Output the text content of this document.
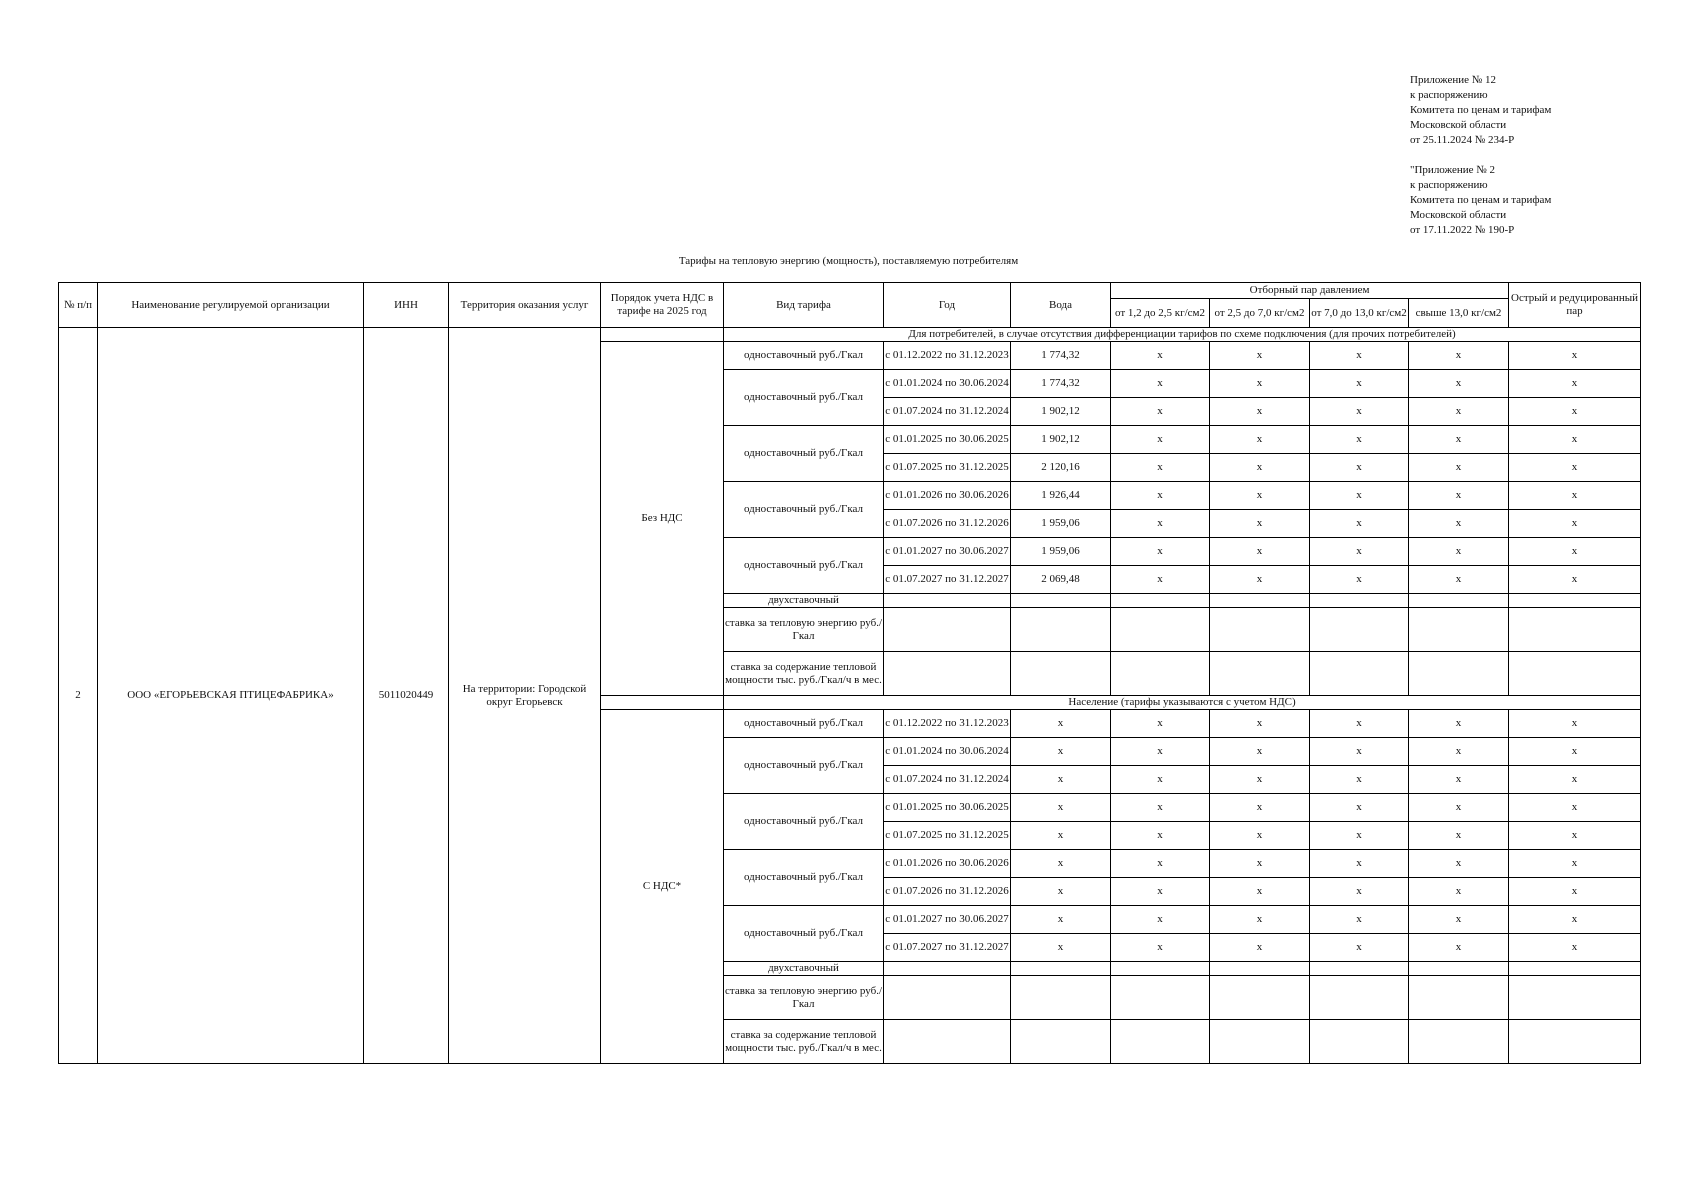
Приложение № 12
к распоряжению
Комитета по ценам и тарифам
Московской области
от 25.11.2024 № 234-Р
"Приложение № 2
к распоряжению
Комитета по ценам и тарифам
Московской области
от 17.11.2022 № 190-Р
Тарифы на тепловую энергию (мощность), поставляемую потребителям
№ п/п	Наименование регулируемой организации	ИНН	Территория оказания услуг	Порядок учета НДС в тарифе на 2025 год	Вид тарифа	Год	Вода	Отборный пар давлением				Острый и редуцированный пар
								от 1,2 до 2,5 кг/см2	от 2,5 до 7,0 кг/см2	от 7,0 до 13,0 кг/см2	свыше 13,0 кг/см2	
2	ООО «ЕГОРЬЕВСКАЯ ПТИЦЕФАБРИКА»	5011020449	На территории: Городской округ Егорьевск		Для потребителей, в случае отсутствия дифференциации тарифов по схеме подключения (для прочих потребителей)							
				Без НДС	одноставочный руб./Гкал	с 01.12.2022 по 31.12.2023	1 774,32	x	x	x	x	x
					одноставочный руб./Гкал	с 01.01.2024 по 30.06.2024	1 774,32	x	x	x	x	x
						с 01.07.2024 по 31.12.2024	1 902,12	x	x	x	x	x
					одноставочный руб./Гкал	с 01.01.2025 по 30.06.2025	1 902,12	x	x	x	x	x
						с 01.07.2025 по 31.12.2025	2 120,16	x	x	x	x	x
					одноставочный руб./Гкал	с 01.01.2026 по 30.06.2026	1 926,44	x	x	x	x	x
						с 01.07.2026 по 31.12.2026	1 959,06	x	x	x	x	x
					одноставочный руб./Гкал	с 01.01.2027 по 30.06.2027	1 959,06	x	x	x	x	x
						с 01.07.2027 по 31.12.2027	2 069,48	x	x	x	x	x
					двухставочный							
					ставка за тепловую энергию руб./Гкал							
					ставка за содержание тепловой мощности тыс. руб./Гкал/ч в мес.							
					Население (тарифы указываются с учетом НДС)							
				С НДС*	одноставочный руб./Гкал	с 01.12.2022 по 31.12.2023	x	x	x	x	x	x
					одноставочный руб./Гкал	с 01.01.2024 по 30.06.2024	x	x	x	x	x	x
						с 01.07.2024 по 31.12.2024	x	x	x	x	x	x
					одноставочный руб./Гкал	с 01.01.2025 по 30.06.2025	x	x	x	x	x	x
						с 01.07.2025 по 31.12.2025	x	x	x	x	x	x
					одноставочный руб./Гкал	с 01.01.2026 по 30.06.2026	x	x	x	x	x	x
						с 01.07.2026 по 31.12.2026	x	x	x	x	x	x
					одноставочный руб./Гкал	с 01.01.2027 по 30.06.2027	x	x	x	x	x	x
						с 01.07.2027 по 31.12.2027	x	x	x	x	x	x
					двухставочный							
					ставка за тепловую энергию руб./Гкал							
					ставка за содержание тепловой мощности тыс. руб./Гкал/ч в мес.							
